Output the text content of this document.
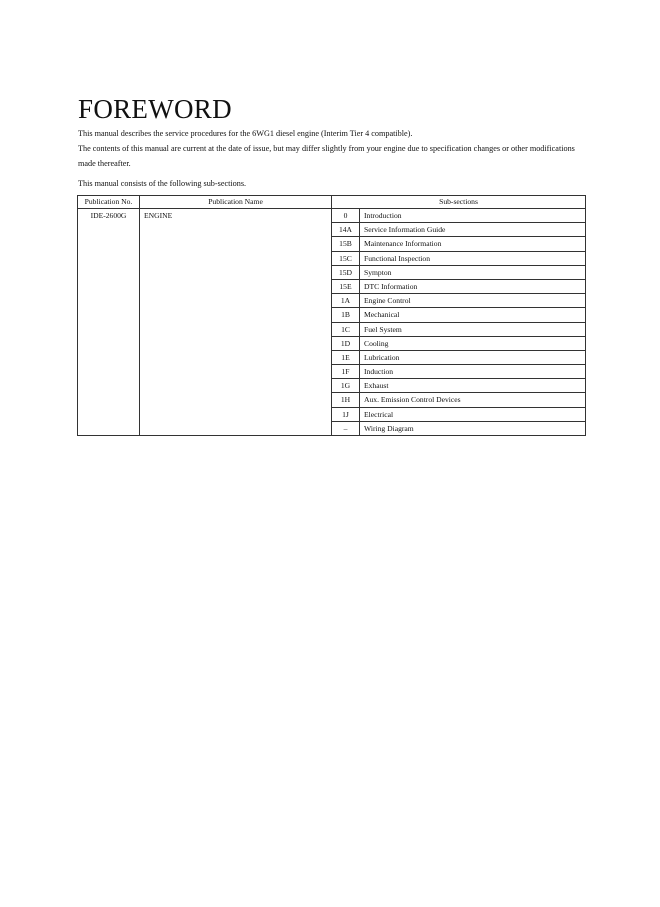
FOREWORD

This manual describes the service procedures for the 6WG1 diesel engine (Interim Tier 4 compatible).

The contents of this manual are current at the date of issue, but may differ slightly from your engine due to specification changes or other modifications made thereafter.

This manual consists of the following sub-sections.
Publication No.	Publication Name	Sub-sections	
IDE-2600G	ENGINE	0	Introduction
		14A	Service Information Guide
		15B	Maintenance Information
		15C	Functional Inspection
		15D	Sympton
		15E	DTC Information
		1A	Engine Control
		1B	Mechanical
		1C	Fuel System
		1D	Cooling
		1E	Lubrication
		1F	Induction
		1G	Exhaust
		1H	Aux. Emission Control Devices
		1J	Electrical
		–	Wiring Diagram
